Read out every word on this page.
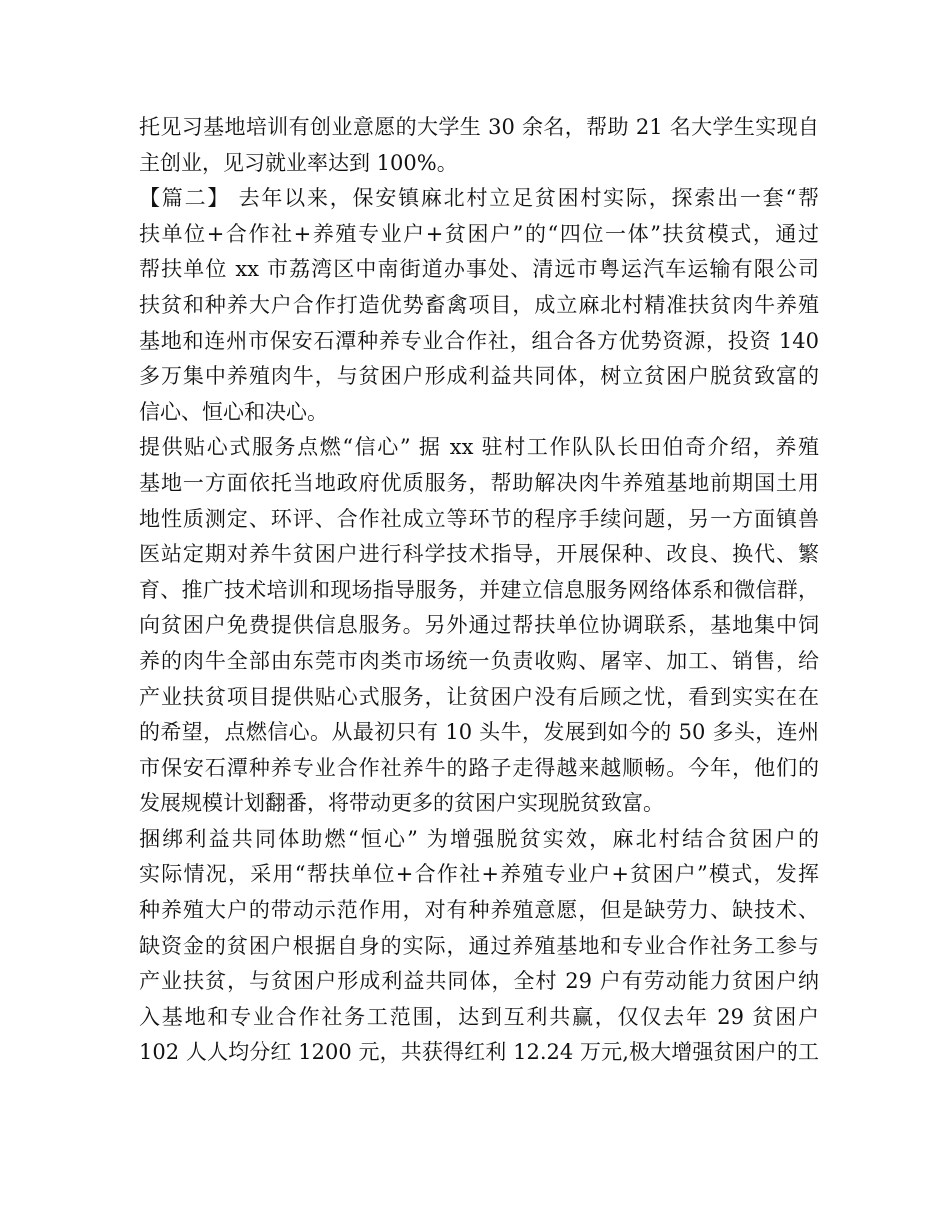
托见习基地培训有创业意愿的大学生 30 余名，帮助 21 名大学生实现自
主创业，见习就业率达到 100%。
【篇二】 去年以来，保安镇麻北村立足贫困村实际，探索出一套“帮
扶单位+合作社+养殖专业户+贫困户”的“四位一体”扶贫模式，通过
帮扶单位 xx 市荔湾区中南街道办事处、清远市粤运汽车运输有限公司
扶贫和种养大户合作打造优势畜禽项目，成立麻北村精准扶贫肉牛养殖
基地和连州市保安石潭种养专业合作社，组合各方优势资源，投资 140
多万集中养殖肉牛，与贫困户形成利益共同体，树立贫困户脱贫致富的
信心、恒心和决心。
提供贴心式服务点燃“信心” 据 xx 驻村工作队队长田伯奇介绍，养殖
基地一方面依托当地政府优质服务，帮助解决肉牛养殖基地前期国土用
地性质测定、环评、合作社成立等环节的程序手续问题，另一方面镇兽
医站定期对养牛贫困户进行科学技术指导，开展保种、改良、换代、繁
育、推广技术培训和现场指导服务，并建立信息服务网络体系和微信群，
向贫困户免费提供信息服务。另外通过帮扶单位协调联系，基地集中饲
养的肉牛全部由东莞市肉类市场统一负责收购、屠宰、加工、销售，给
产业扶贫项目提供贴心式服务，让贫困户没有后顾之忧，看到实实在在
的希望，点燃信心。从最初只有 10 头牛，发展到如今的 50 多头，连州
市保安石潭种养专业合作社养牛的路子走得越来越顺畅。今年，他们的
发展规模计划翻番，将带动更多的贫困户实现脱贫致富。
捆绑利益共同体助燃“恒心” 为增强脱贫实效，麻北村结合贫困户的
实际情况，采用“帮扶单位+合作社+养殖专业户+贫困户”模式，发挥
种养殖大户的带动示范作用，对有种养殖意愿，但是缺劳力、缺技术、
缺资金的贫困户根据自身的实际，通过养殖基地和专业合作社务工参与
产业扶贫，与贫困户形成利益共同体，全村 29 户有劳动能力贫困户纳
入基地和专业合作社务工范围，达到互利共赢，仅仅去年 29 贫困户
102 人人均分红 1200 元，共获得红利 12.24 万元,极大增强贫困户的工
